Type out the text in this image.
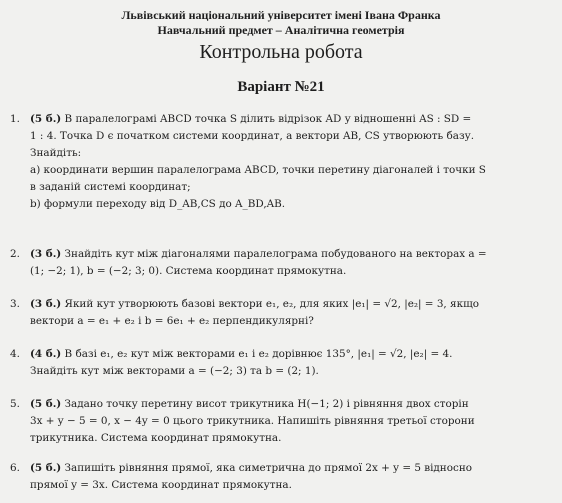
Львівський національний університет імені Івана Франка
Навчальний предмет – Аналітична геометрія
Контрольна робота
Варіант №21
1. (5 б.) В паралелограмі ABCD точка S ділить відрізок AD у відношенні AS : SD =
1 : 4. Точка D є початком системи координат, а вектори AB, CS утворюють базу.
Знайдіть:
а) координати вершин паралелограма ABCD, точки перетину діагоналей і точки S
в заданій системі координат;
b) формули переходу від D_AB,CS до A_BD,AB.
2. (3 б.) Знайдіть кут між діагоналями паралелограма побудованого на векторах a =
(1; −2; 1), b = (−2; 3; 0). Система координат прямокутна.
3. (3 б.) Який кут утворюють базові вектори e₁, e₂, для яких |e₁| = √2, |e₂| = 3, якщо
вектори a = e₁ + e₂ і b = 6e₁ + e₂ перпендикулярні?
4. (4 б.) В базі e₁, e₂ кут між векторами e₁ і e₂ дорівнює 135°, |e₁| = √2, |e₂| = 4.
Знайдіть кут між векторами a = (−2; 3) та b = (2; 1).
5. (5 б.) Задано точку перетину висот трикутника H(−1; 2) і рівняння двох сторін
3x + y − 5 = 0, x − 4y = 0 цього трикутника. Напишіть рівняння третьої сторони
трикутника. Система координат прямокутна.
6. (5 б.) Запишіть рівняння прямої, яка симетрична до прямої 2x + y = 5 відносно
прямої y = 3x. Система координат прямокутна.
